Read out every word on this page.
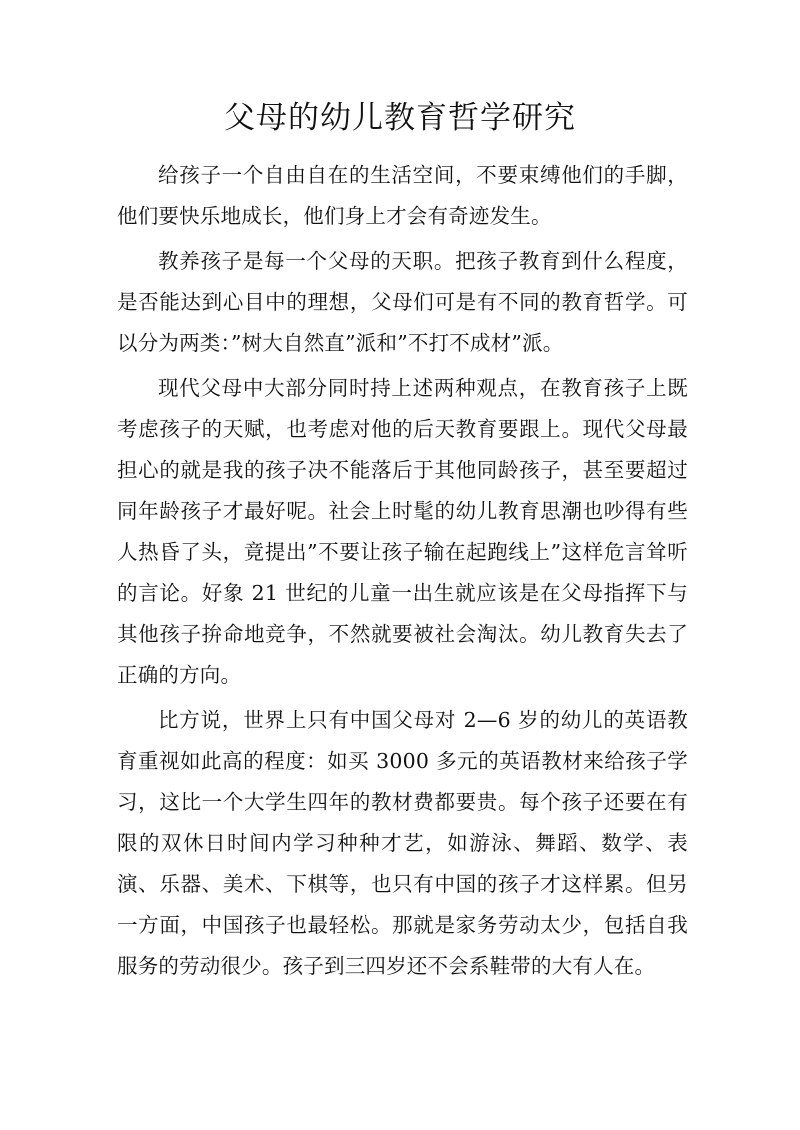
父母的幼儿教育哲学研究

给孩子一个自由自在的生活空间，不要束缚他们的手脚，他们要快乐地成长，他们身上才会有奇迹发生。

教养孩子是每一个父母的天职。把孩子教育到什么程度，是否能达到心目中的理想，父母们可是有不同的教育哲学。可以分为两类：”树大自然直”派和”不打不成材”派。

现代父母中大部分同时持上述两种观点，在教育孩子上既考虑孩子的天赋，也考虑对他的后天教育要跟上。现代父母最担心的就是我的孩子决不能落后于其他同龄孩子，甚至要超过同年龄孩子才最好呢。社会上时髦的幼儿教育思潮也吵得有些人热昏了头，竟提出”不要让孩子输在起跑线上”这样危言耸听的言论。好象 21 世纪的儿童一出生就应该是在父母指挥下与其他孩子拚命地竞争，不然就要被社会淘汰。幼儿教育失去了正确的方向。

比方说，世界上只有中国父母对 2—6 岁的幼儿的英语教育重视如此高的程度：如买 3000 多元的英语教材来给孩子学习，这比一个大学生四年的教材费都要贵。每个孩子还要在有限的双休日时间内学习种种才艺，如游泳、舞蹈、数学、表演、乐器、美术、下棋等，也只有中国的孩子才这样累。但另一方面，中国孩子也最轻松。那就是家务劳动太少，包括自我服务的劳动很少。孩子到三四岁还不会系鞋带的大有人在。
